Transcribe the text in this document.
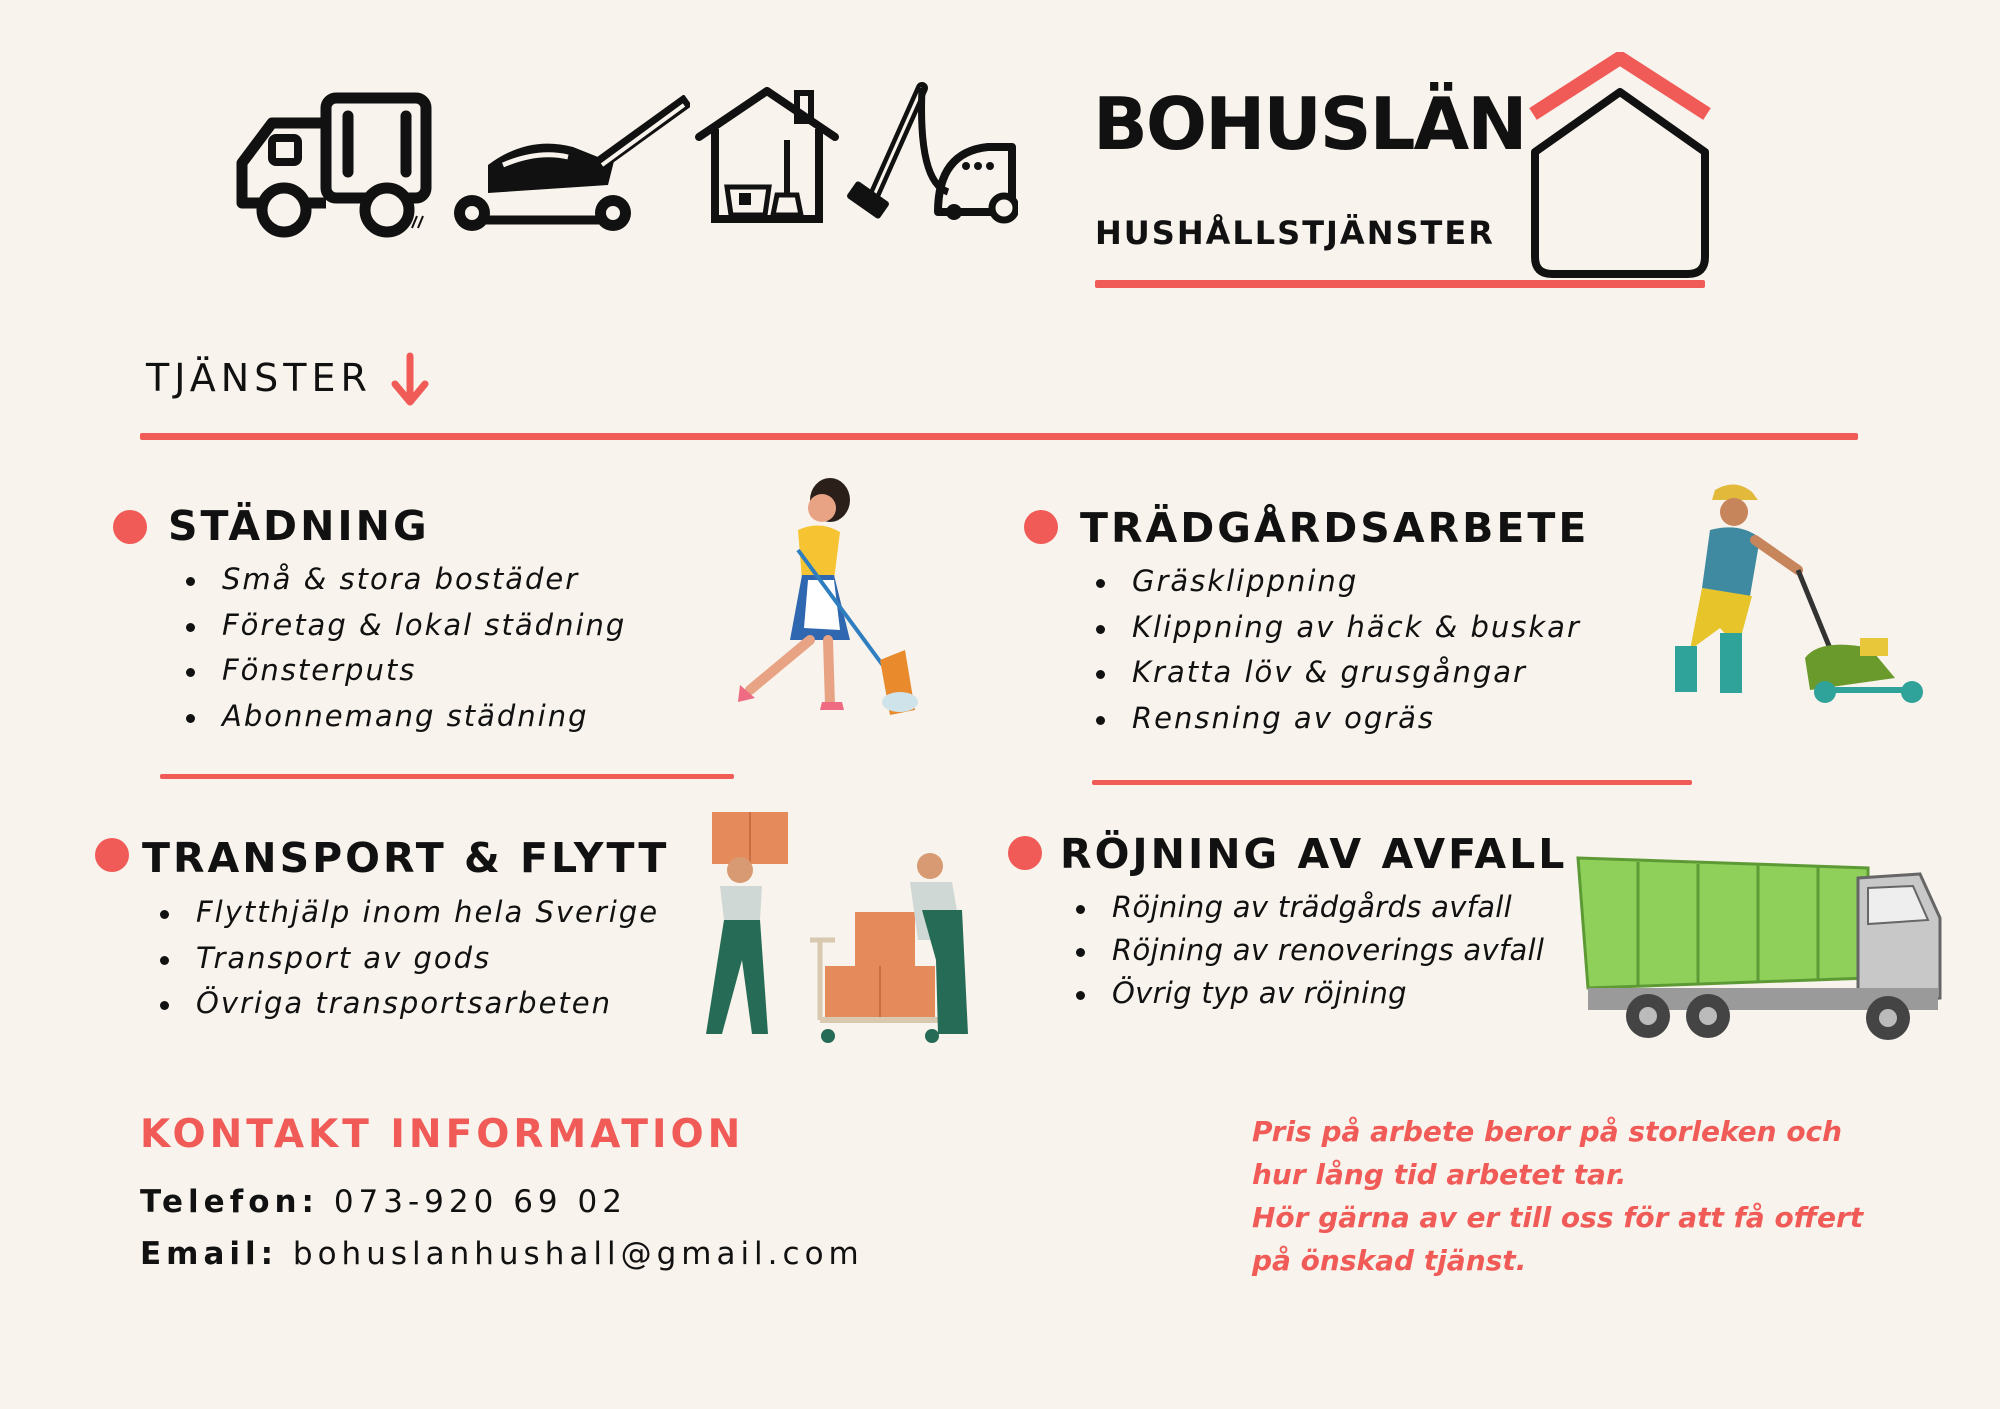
BOHUSLÄN
HUSHÅLLSTJÄNSTER
TJÄNSTER
STÄDNING
Små & stora bostäder
Företag & lokal städning
Fönsterputs
Abonnemang städning
TRÄDGÅRDSARBETE
Gräsklippning
Klippning av häck & buskar
Kratta löv & grusgångar
Rensning av ogräs
TRANSPORT & FLYTT
Flytthjälp inom hela Sverige
Transport av gods
Övriga transportsarbeten
RÖJNING AV AVFALL
Röjning av trädgårds avfall
Röjning av renoverings avfall
Övrig typ av röjning
KONTAKT INFORMATION
Telefon: 073-920 69 02
Email: bohuslanhushall@gmail.com
Pris på arbete beror på storleken och
hur lång tid arbetet tar.
Hör gärna av er till oss för att få offert
på önskad tjänst.
